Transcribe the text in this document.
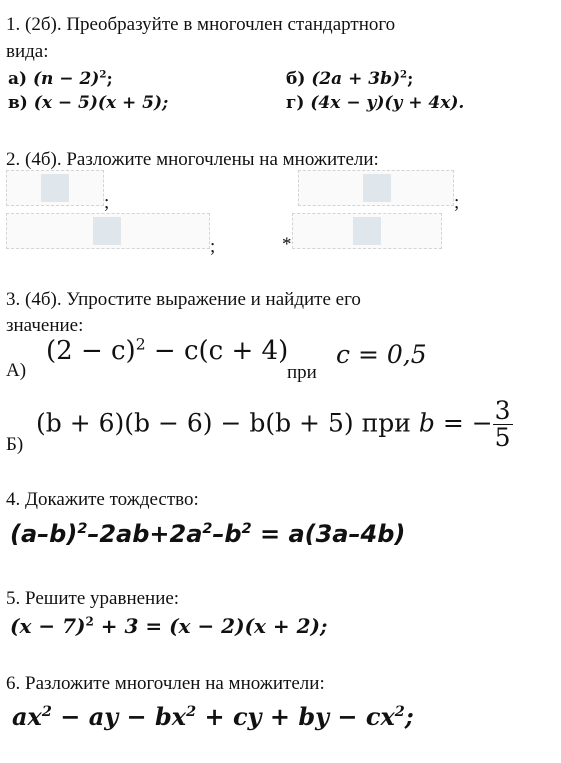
1. (2б). Преобразуйте в многочлен стандартного
вида:
а) $(n - 2)^2$;
в) (x − 5)(x + 5);
б) $(2a + 3b)^2$;
г) (4x − y)(y + 4x).
2. (4б). Разложите многочлены на множители:
;	;
;	*
3. (4б). Упростите выражение и найдите его
значение:
А)
$(2 - c)^2 - c(c + 4)$
при
c = 0,5
Б)
(b + 6)(b − 6) − b(b + 5) при b = − $\frac{3}{5}$
4. Докажите тождество:
$(a-b)^2-2ab+2a^2-b^2 = a(3a-4b)$
5. Решите уравнение:
$(x - 7)^2 + 3 = (x - 2)(x + 2)$;
6. Разложите многочлен на множители:
$ax^2$ − ay − $bx^2$ + cy + by − $cx^2$;
